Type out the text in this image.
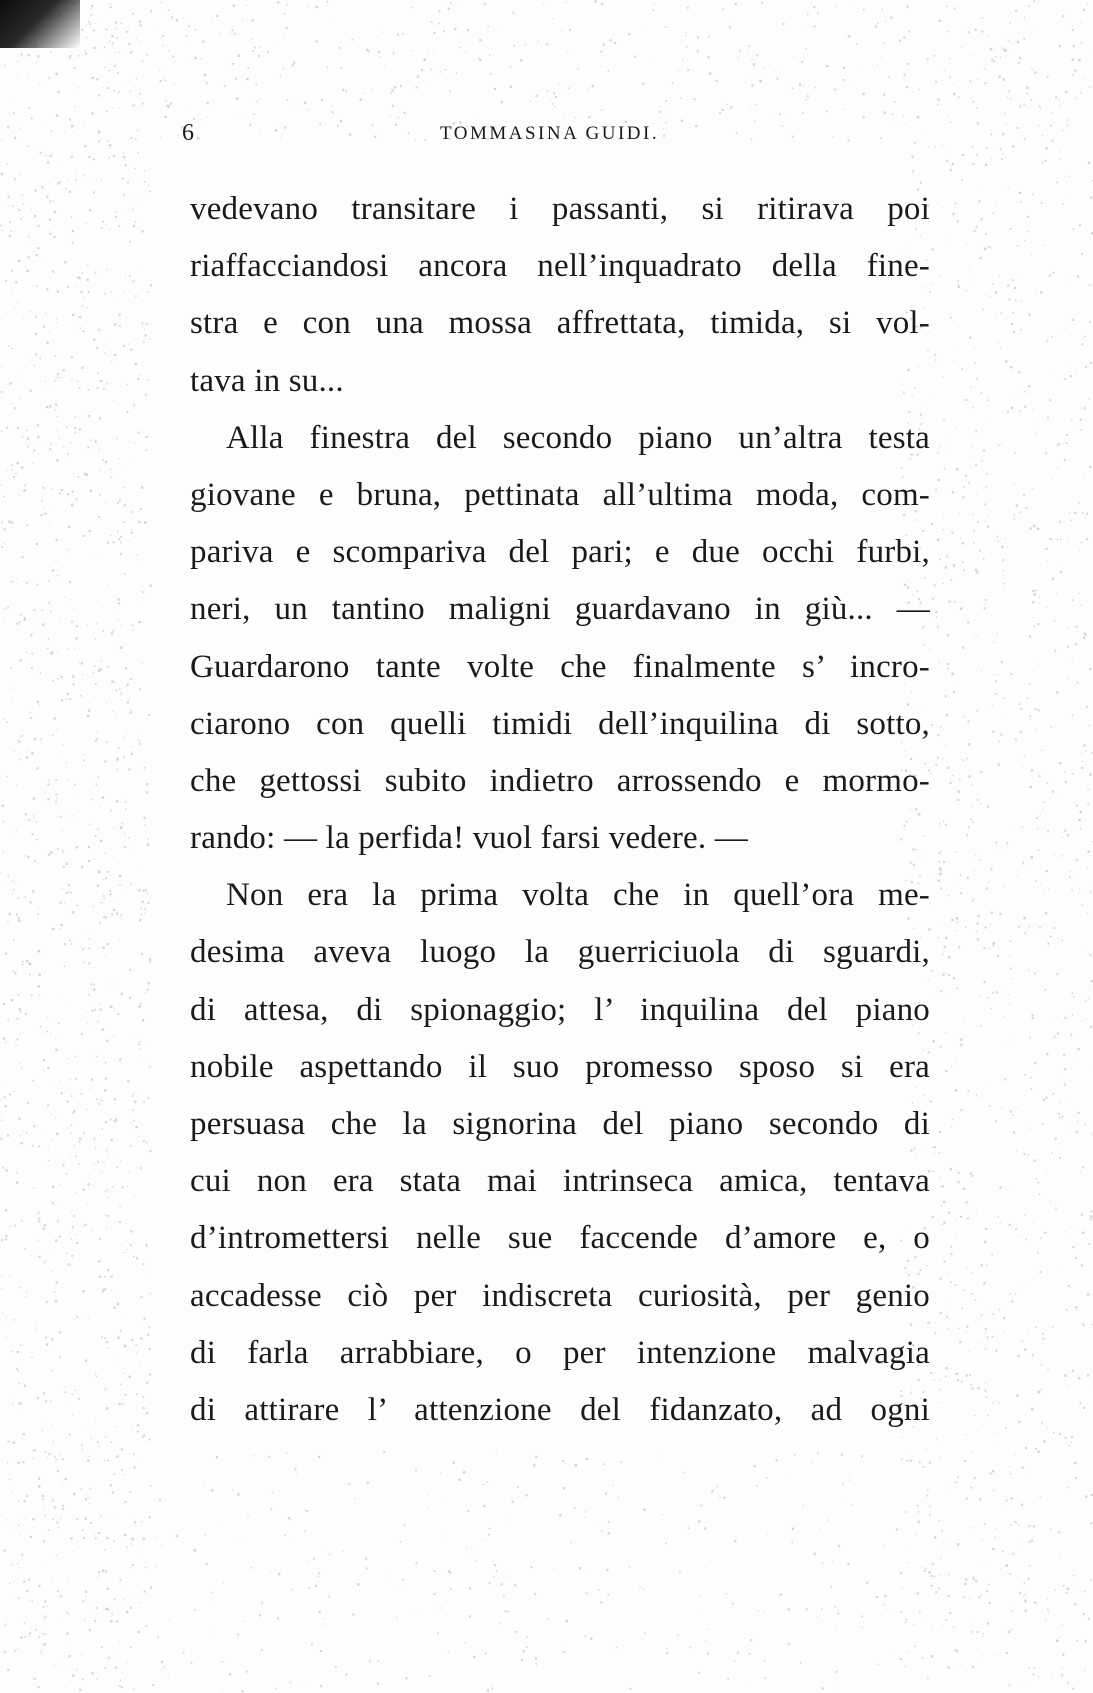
6	TOMMASINA GUIDI.
vedevano transitare i passanti, si ritirava poi
riaffacciandosi ancora nell’inquadrato della fine-
stra e con una mossa affrettata, timida, si vol-
tava in su...
Alla finestra del secondo piano un’altra testa
giovane e bruna, pettinata all’ultima moda, com-
pariva e scompariva del pari; e due occhi furbi,
neri, un tantino maligni guardavano in giù... —
Guardarono tante volte che finalmente s’ incro-
ciarono con quelli timidi dell’inquilina di sotto,
che gettossi subito indietro arrossendo e mormo-
rando: — la perfida! vuol farsi vedere. —
Non era la prima volta che in quell’ora me-
desima aveva luogo la guerriciuola di sguardi,
di attesa, di spionaggio; l’ inquilina del piano
nobile aspettando il suo promesso sposo si era
persuasa che la signorina del piano secondo di
cui non era stata mai intrinseca amica, tentava
d’intromettersi nelle sue faccende d’amore e, o
accadesse ciò per indiscreta curiosità, per genio
di farla arrabbiare, o per intenzione malvagia
di attirare l’ attenzione del fidanzato, ad ogni
